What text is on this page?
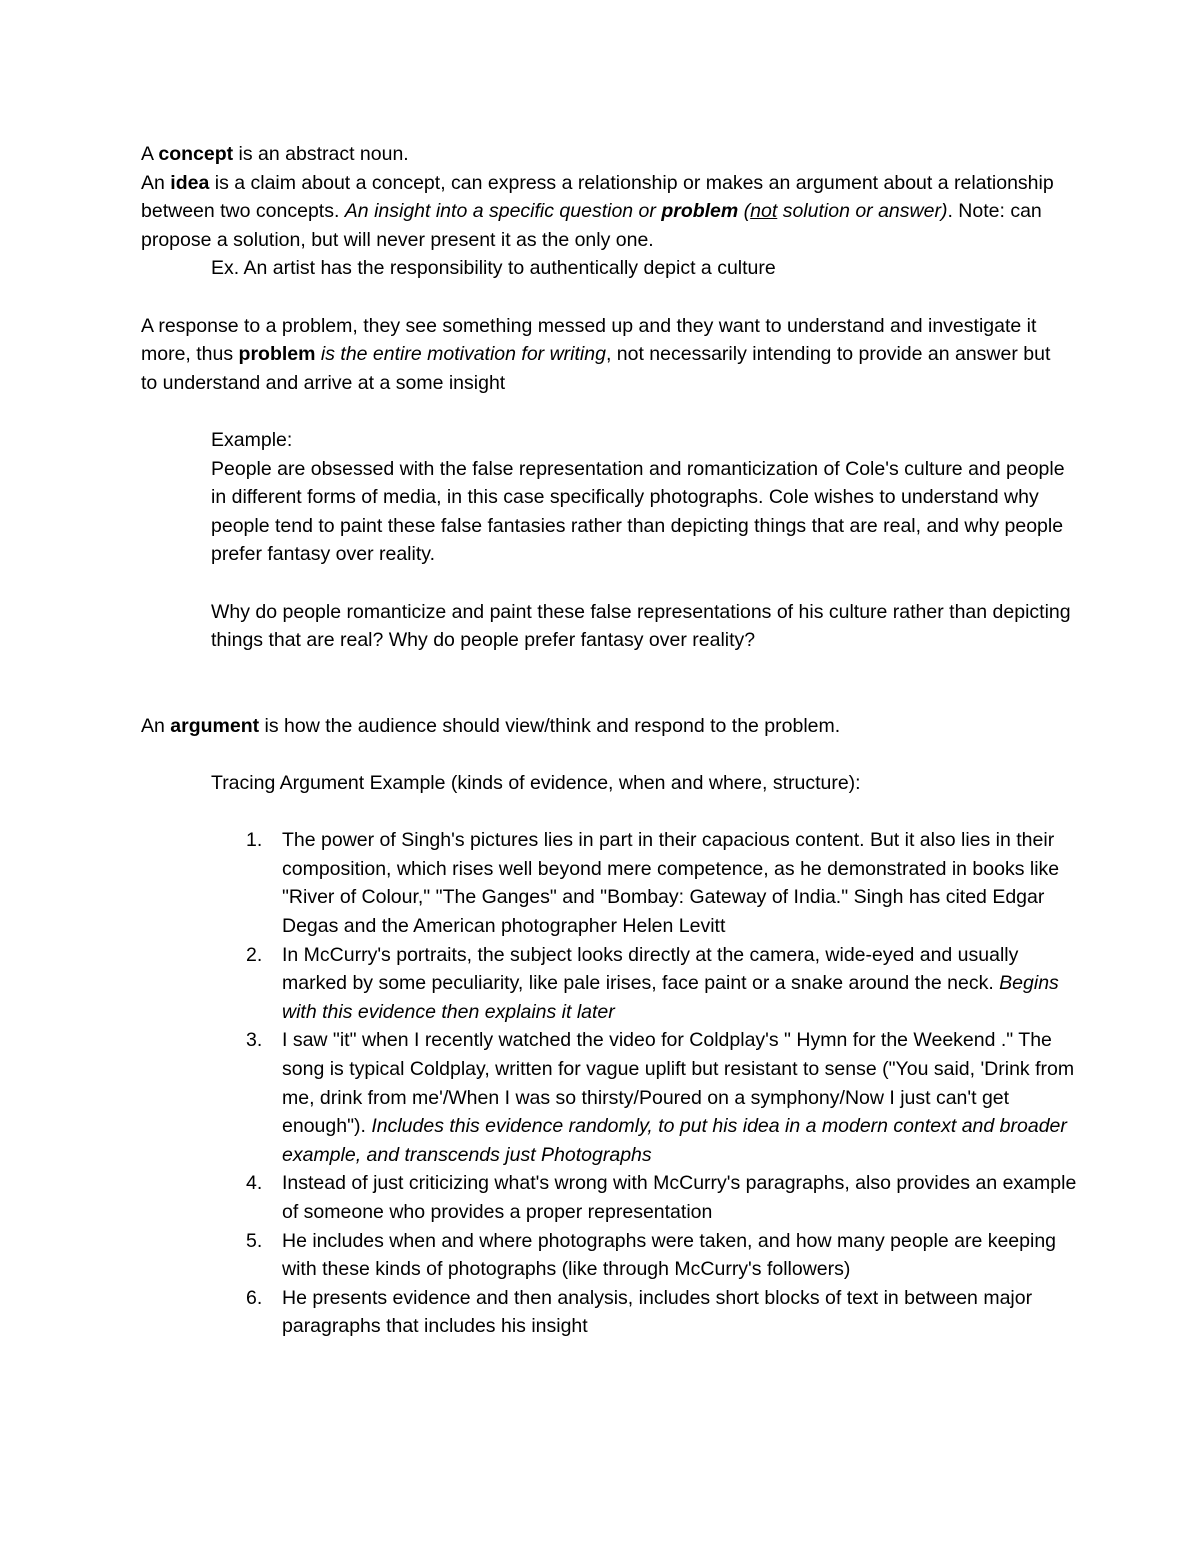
A concept is an abstract noun.

An idea is a claim about a concept, can express a relationship or makes an argument about a relationship between two concepts. An insight into a specific question or problem (not solution or answer). Note: can propose a solution, but will never present it as the only one.

Ex. An artist has the responsibility to authentically depict a culture

A response to a problem, they see something messed up and they want to understand and investigate it more, thus problem is the entire motivation for writing, not necessarily intending to provide an answer but to understand and arrive at a some insight

Example:

People are obsessed with the false representation and romanticization of Cole's culture and people in different forms of media, in this case specifically photographs. Cole wishes to understand why people tend to paint these false fantasies rather than depicting things that are real, and why people prefer fantasy over reality.

Why do people romanticize and paint these false representations of his culture rather than depicting things that are real? Why do people prefer fantasy over reality?

An argument is how the audience should view/think and respond to the problem.

Tracing Argument Example (kinds of evidence, when and where, structure):

1.	The power of Singh's pictures lies in part in their capacious content. But it also lies in their composition, which rises well beyond mere competence, as he demonstrated in books like "River of Colour," "The Ganges" and "Bombay: Gateway of India." Singh has cited Edgar Degas and the American photographer Helen Levitt
2.	In McCurry's portraits, the subject looks directly at the camera, wide-eyed and usually marked by some peculiarity, like pale irises, face paint or a snake around the neck. Begins with this evidence then explains it later
3.	I saw "it" when I recently watched the video for Coldplay's " Hymn for the Weekend ." The song is typical Coldplay, written for vague uplift but resistant to sense ("You said, 'Drink from me, drink from me'/When I was so thirsty/Poured on a symphony/Now I just can't get enough"). Includes this evidence randomly, to put his idea in a modern context and broader example, and transcends just Photographs
4.	Instead of just criticizing what's wrong with McCurry's paragraphs, also provides an example of someone who provides a proper representation
5.	He includes when and where photographs were taken, and how many people are keeping with these kinds of photographs (like through McCurry's followers)
6.	He presents evidence and then analysis, includes short blocks of text in between major paragraphs that includes his insight
